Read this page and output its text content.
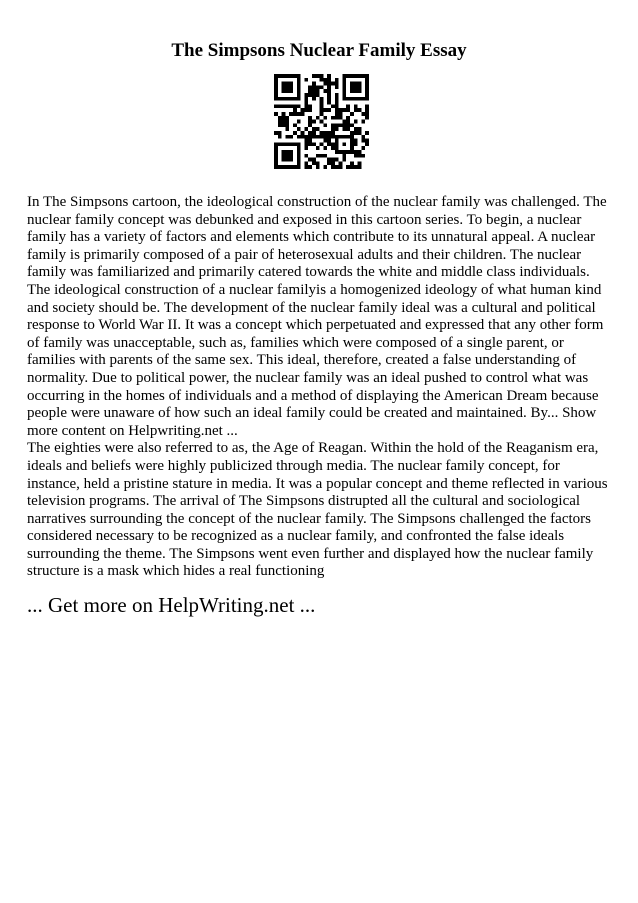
The Simpsons Nuclear Family Essay

In The Simpsons cartoon, the ideological construction of the nuclear family was challenged. The nuclear family concept was debunked and exposed in this cartoon series. To begin, a nuclear family has a variety of factors and elements which contribute to its unnatural appeal. A nuclear family is primarily composed of a pair of heterosexual adults and their children. The nuclear family was familiarized and primarily catered towards the white and middle class individuals. The ideological construction of a nuclear familyis a homogenized ideology of what human kind and society should be. The development of the nuclear family ideal was a cultural and political response to World War II. It was a concept which perpetuated and expressed that any other form of family was unacceptable, such as, families which were composed of a single parent, or families with parents of the same sex. This ideal, therefore, created a false understanding of normality. Due to political power, the nuclear family was an ideal pushed to control what was occurring in the homes of individuals and a method of displaying the American Dream because people were unaware of how such an ideal family could be created and maintained. By... Show more content on Helpwriting.net ...

The eighties were also referred to as, the Age of Reagan. Within the hold of the Reaganism era, ideals and beliefs were highly publicized through media. The nuclear family concept, for instance, held a pristine stature in media. It was a popular concept and theme reflected in various television programs. The arrival of The Simpsons distrupted all the cultural and sociological narratives surrounding the concept of the nuclear family. The Simpsons challenged the factors considered necessary to be recognized as a nuclear family, and confronted the false ideals surrounding the theme. The Simpsons went even further and displayed how the nuclear family structure is a mask which hides a real functioning

... Get more on HelpWriting.net ...
